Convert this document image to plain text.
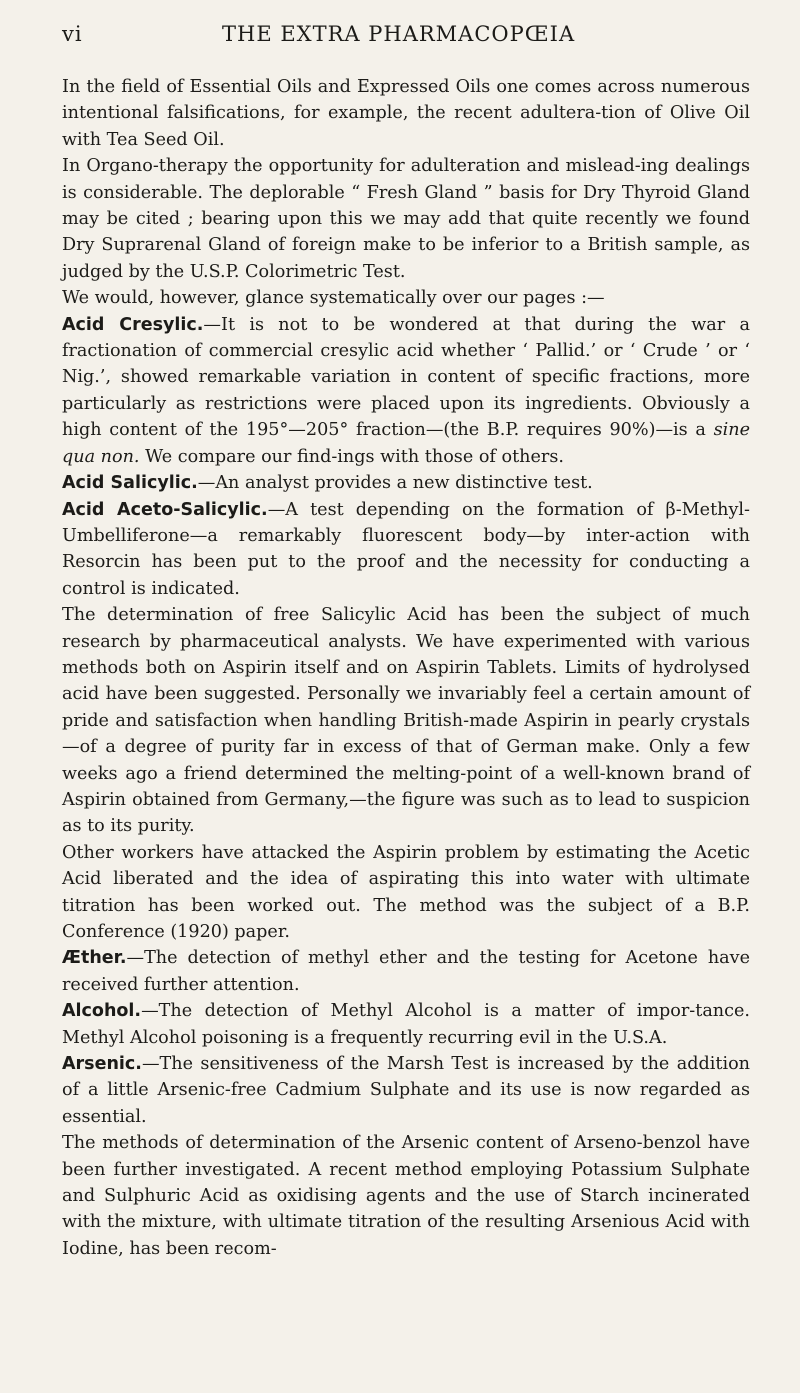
vi	THE EXTRA PHARMACOPŒIA

In the field of Essential Oils and Expressed Oils one comes across numerous intentional falsifications, for example, the recent adultera-tion of Olive Oil with Tea Seed Oil.

In Organo-therapy the opportunity for adulteration and mislead-ing dealings is considerable. The deplorable “ Fresh Gland ” basis for Dry Thyroid Gland may be cited ; bearing upon this we may add that quite recently we found Dry Suprarenal Gland of foreign make to be inferior to a British sample, as judged by the U.S.P. Colorimetric Test.

We would, however, glance systematically over our pages :—

Acid Cresylic.—It is not to be wondered at that during the war a fractionation of commercial cresylic acid whether ‘ Pallid.’ or ‘ Crude ’ or ‘ Nig.’, showed remarkable variation in content of specific fractions, more particularly as restrictions were placed upon its ingredients. Obviously a high content of the 195°—205° fraction—(the B.P. requires 90%)—is a sine qua non. We compare our find-ings with those of others.

Acid Salicylic.—An analyst provides a new distinctive test.

Acid Aceto-Salicylic.—A test depending on the formation of β-Methyl-Umbelliferone—a remarkably fluorescent body—by inter-action with Resorcin has been put to the proof and the necessity for conducting a control is indicated.

The determination of free Salicylic Acid has been the subject of much research by pharmaceutical analysts. We have experimented with various methods both on Aspirin itself and on Aspirin Tablets. Limits of hydrolysed acid have been suggested. Personally we invariably feel a certain amount of pride and satisfaction when handling British-made Aspirin in pearly crystals—of a degree of purity far in excess of that of German make. Only a few weeks ago a friend determined the melting-point of a well-known brand of Aspirin obtained from Germany,—the figure was such as to lead to suspicion as to its purity.

Other workers have attacked the Aspirin problem by estimating the Acetic Acid liberated and the idea of aspirating this into water with ultimate titration has been worked out. The method was the subject of a B.P. Conference (1920) paper.

Æther.—The detection of methyl ether and the testing for Acetone have received further attention.

Alcohol.—The detection of Methyl Alcohol is a matter of impor-tance. Methyl Alcohol poisoning is a frequently recurring evil in the U.S.A.

Arsenic.—The sensitiveness of the Marsh Test is increased by the addition of a little Arsenic-free Cadmium Sulphate and its use is now regarded as essential.

The methods of determination of the Arsenic content of Arseno-benzol have been further investigated. A recent method employing Potassium Sulphate and Sulphuric Acid as oxidising agents and the use of Starch incinerated with the mixture, with ultimate titration of the resulting Arsenious Acid with Iodine, has been recom-
